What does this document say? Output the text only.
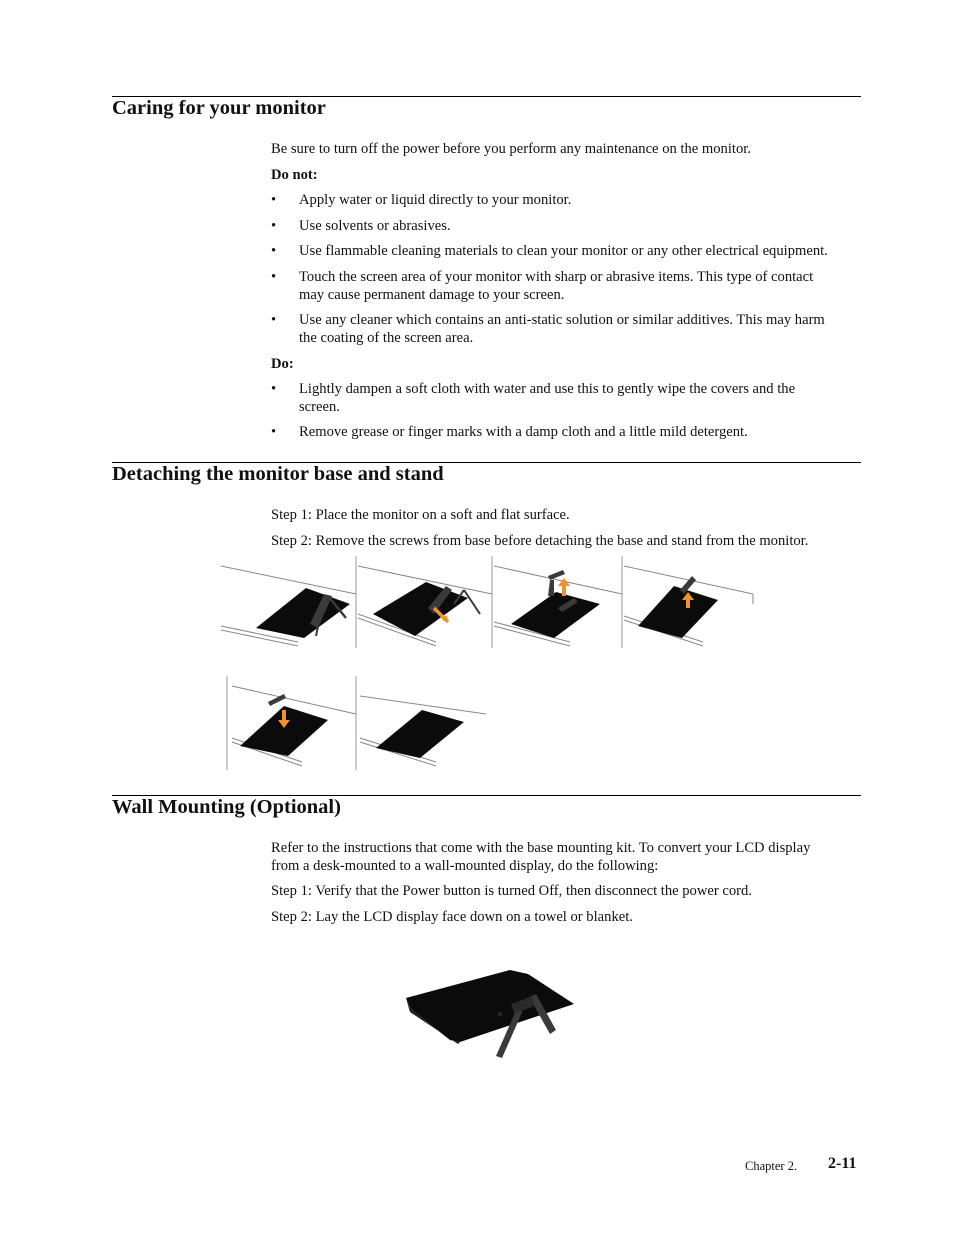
Caring for your monitor

Be sure to turn off the power before you perform any maintenance on the monitor.

Do not:

• Apply water or liquid directly to your monitor.
• Use solvents or abrasives.
• Use flammable cleaning materials to clean your monitor or any other electrical equipment.
• Touch the screen area of your monitor with sharp or abrasive items. This type of contact
may cause permanent damage to your screen.
• Use any cleaner which contains an anti-static solution or similar additives. This may harm
the coating of the screen area.

Do:

• Lightly dampen a soft cloth with water and use this to gently wipe the covers and the
screen.
• Remove grease or finger marks with a damp cloth and a little mild detergent.
Detaching the monitor base and stand

Step 1: Place the monitor on a soft and flat surface.

Step 2: Remove the screws from base before detaching the base and stand from the monitor.

Wall Mounting (Optional)

Refer to the instructions that come with the base mounting kit. To convert your LCD display

from a desk-mounted to a wall-mounted display, do the following:

Step 1: Verify that the Power button is turned Off, then disconnect the power cord.

Step 2: Lay the LCD display face down on a towel or blanket.

Chapter 2. 2-11
